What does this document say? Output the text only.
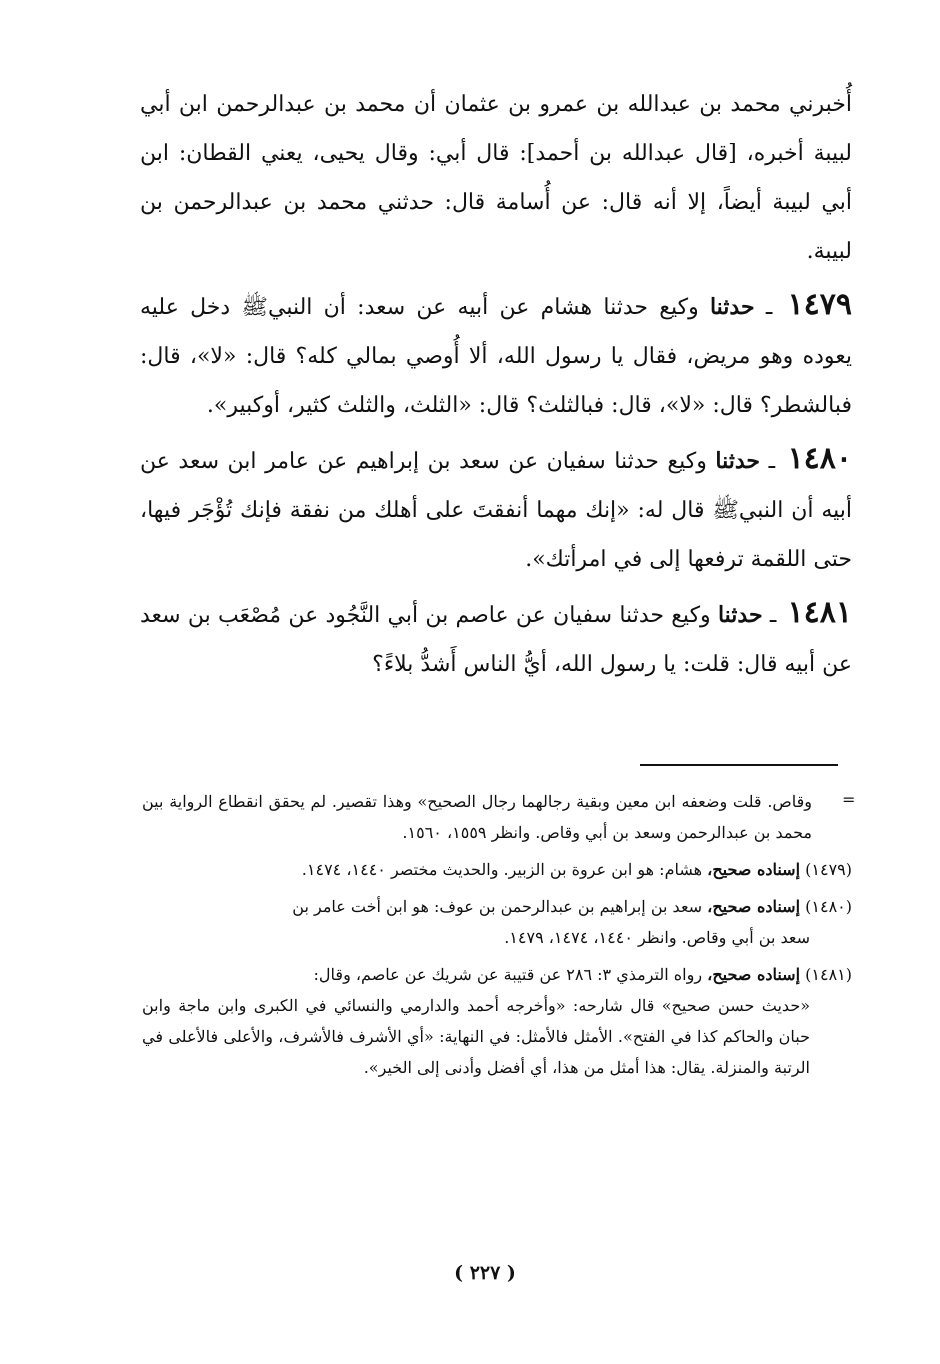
أُخبرني محمد بن عبدالله بن عمرو بن عثمان أن محمد بن عبدالرحمن ابن أبي لبيبة أخبره، [قال عبدالله بن أحمد]: قال أبي: وقال يحيى، يعني القطان: ابن أبي لبيبة أيضاً، إلا أنه قال: عن أُسامة قال: حدثني محمد بن عبدالرحمن بن لبيبة.

١٤٧٩ ـ حدثنا وكيع حدثنا هشام عن أبيه عن سعد: أن النبيﷺ دخل عليه يعوده وهو مريض، فقال يا رسول الله، ألا أُوصي بمالي كله؟ قال: «لا»، قال: فبالشطر؟ قال: «لا»، قال: فبالثلث؟ قال: «الثلث، والثلث كثير، أوكبير».

١٤٨٠ ـ حدثنا وكيع حدثنا سفيان عن سعد بن إبراهيم عن عامر ابن سعد عن أبيه أن النبيﷺ قال له: «إنك مهما أنفقتَ على أهلك من نفقة فإنك تُؤْجَر فيها، حتى اللقمة ترفعها إلى في امرأتك».

١٤٨١ ـ حدثنا وكيع حدثنا سفيان عن عاصم بن أبي النَّجُود عن مُصْعَب بن سعد عن أبيه قال: قلت: يا رسول الله، أيُّ الناس أَشدُّ بلاءً؟

=
وقاص. قلت وضعفه ابن معين وبقية رجالهما رجال الصحيح» وهذا تقصير. لم يحقق انقطاع الرواية بين محمد بن عبدالرحمن وسعد بن أبي وقاص. وانظر ١٥٥٩، ١٥٦٠.
(١٤٧٩) إسناده صحيح، هشام: هو ابن عروة بن الزبير. والحديث مختصر ١٤٤٠، ١٤٧٤.
(١٤٨٠) إسناده صحيح، سعد بن إبراهيم بن عبدالرحمن بن عوف: هو ابن أخت عامر بن
سعد بن أبي وقاص. وانظر ١٤٤٠، ١٤٧٤، ١٤٧٩.
(١٤٨١) إسناده صحيح، رواه الترمذي ٣: ٢٨٦ عن قتيبة عن شريك عن عاصم، وقال:
«حديث حسن صحيح» قال شارحه: «وأخرجه أحمد والدارمي والنسائي في الكبرى وابن ماجة وابن حبان والحاكم كذا في الفتح». الأمثل فالأمثل: في النهاية: «أي الأشرف فالأشرف، والأعلى فالأعلى في الرتبة والمنزلة. يقال: هذا أمثل من هذا، أي أفضل وأدنى إلى الخير».
( ٢٢٧ )
